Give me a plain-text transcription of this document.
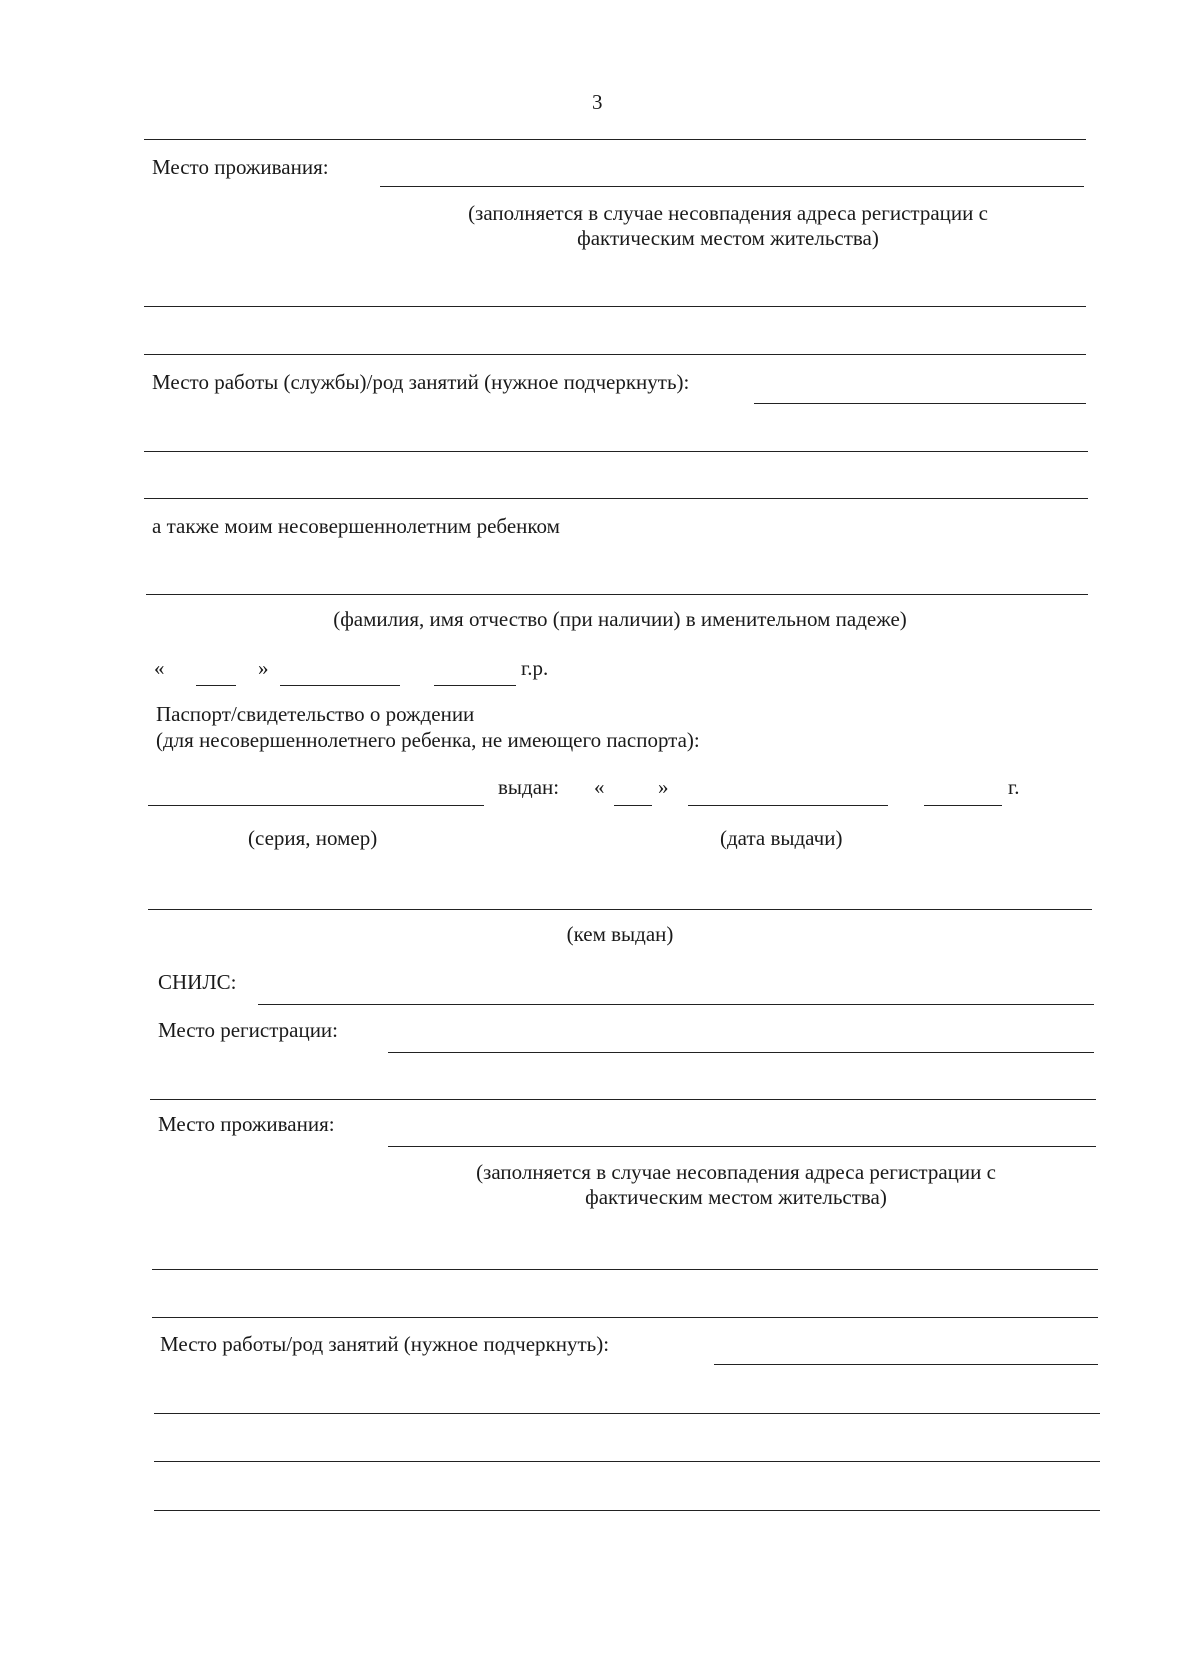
3
Место проживания:
(заполняется в случае несовпадения адреса регистрации с фактическим местом жительства)
Место работы (службы)/род занятий (нужное подчеркнуть):
а также моим несовершеннолетним ребенком
(фамилия, имя отчество (при наличии) в именительном падеже)
«	»	г.р.
Паспорт/свидетельство о рождении
(для несовершеннолетнего ребенка, не имеющего паспорта):
выдан: «	»	г.
(серия, номер)	(дата выдачи)
(кем выдан)
СНИЛС:
Место регистрации:
Место проживания:
(заполняется в случае несовпадения адреса регистрации с фактическим местом жительства)
Место работы/род занятий (нужное подчеркнуть):
